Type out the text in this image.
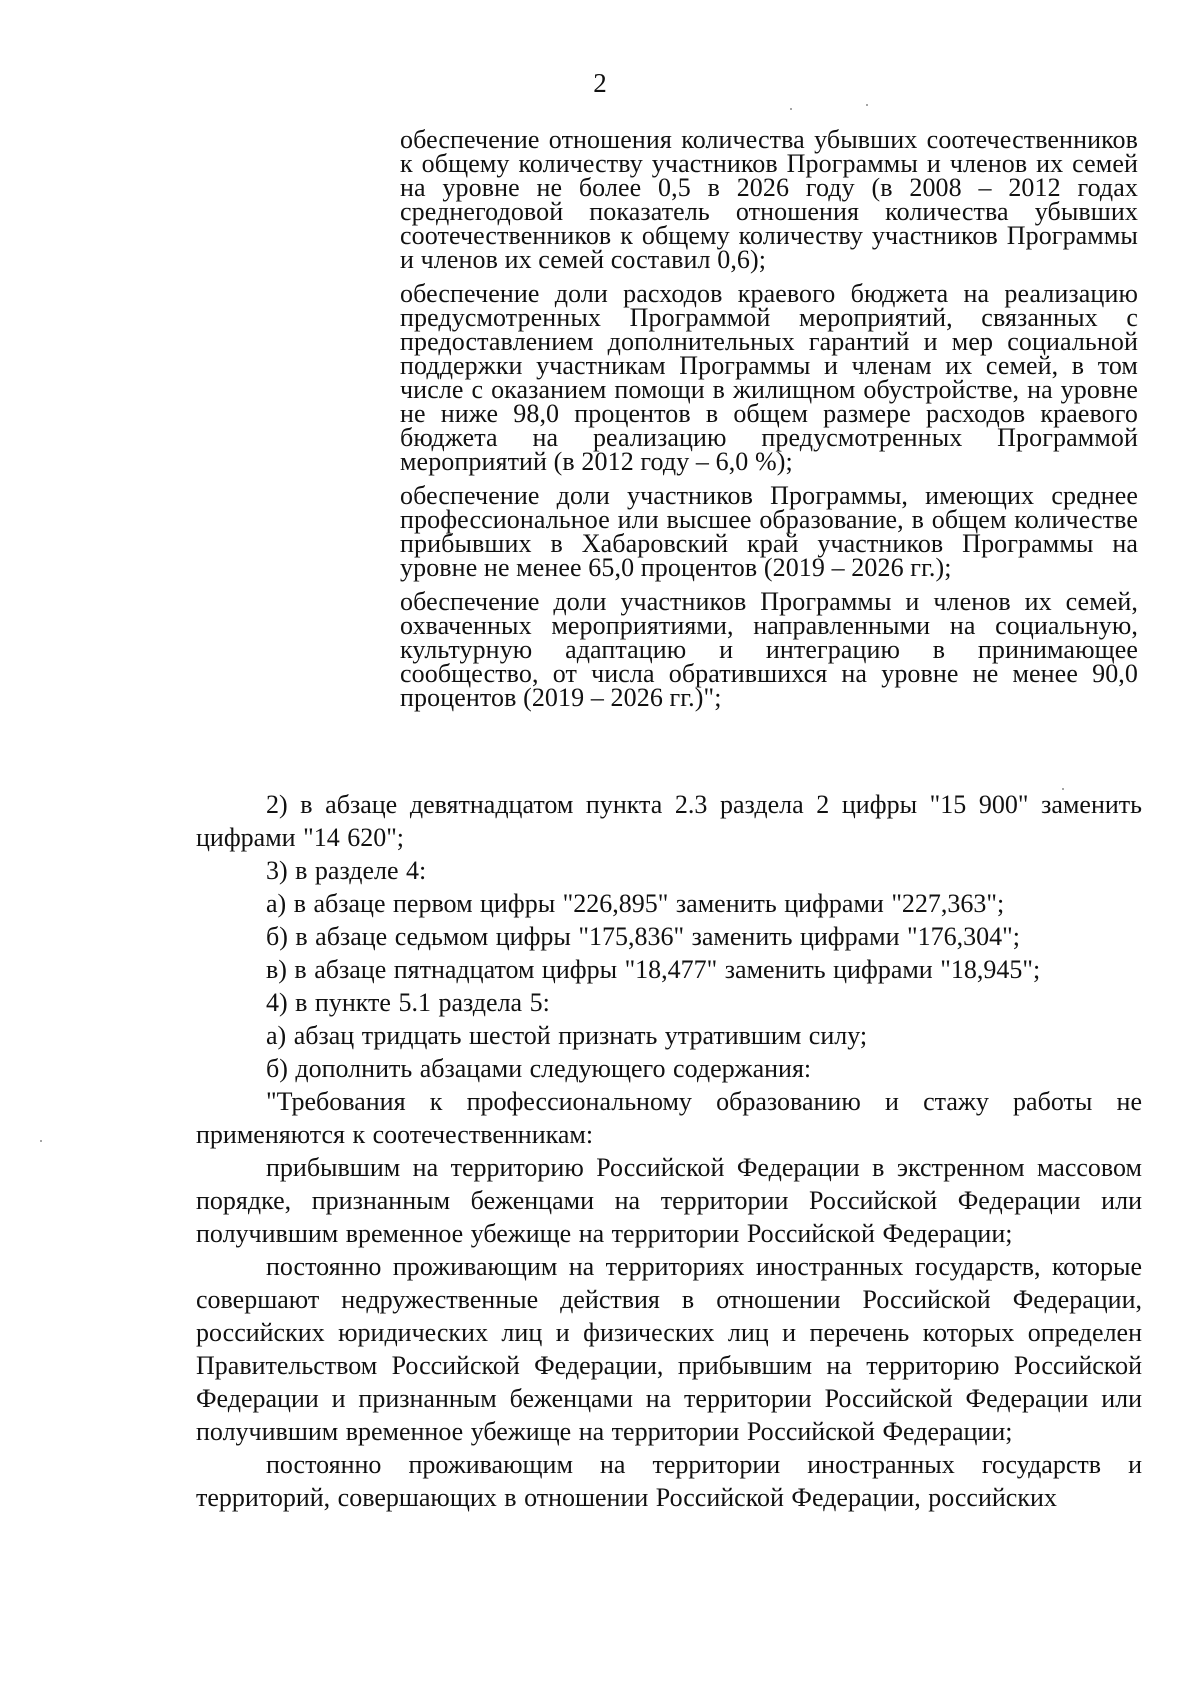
2

обеспечение отношения количества убывших соотечественников к общему количеству участников Программы и членов их семей на уровне не более 0,5 в 2026 году (в 2008 – 2012 годах среднегодовой показатель отношения количества убывших соотечественников к общему количеству участников Программы и членов их семей составил 0,6);

обеспечение доли расходов краевого бюджета на реализацию предусмотренных Программой мероприятий, связанных с предоставлением дополнительных гарантий и мер социальной поддержки участникам Программы и членам их семей, в том числе с оказанием помощи в жилищном обустройстве, на уровне не ниже 98,0 процентов в общем размере расходов краевого бюджета на реализацию предусмотренных Программой мероприятий (в 2012 году – 6,0 %);

обеспечение доли участников Программы, имеющих среднее профессиональное или высшее образование, в общем количестве прибывших в Хабаровский край участников Программы на уровне не менее 65,0 процентов (2019 – 2026 гг.);

обеспечение доли участников Программы и членов их семей, охваченных мероприятиями, направленными на социальную, культурную адаптацию и интеграцию в принимающее сообщество, от числа обратившихся на уровне не менее 90,0 процентов (2019 – 2026 гг.)";

2) в абзаце девятнадцатом пункта 2.3 раздела 2 цифры "15 900" заменить цифрами "14 620";

3) в разделе 4:

а) в абзаце первом цифры "226,895" заменить цифрами "227,363";

б) в абзаце седьмом цифры "175,836" заменить цифрами "176,304";

в) в абзаце пятнадцатом цифры "18,477" заменить цифрами "18,945";

4) в пункте 5.1 раздела 5:

а) абзац тридцать шестой признать утратившим силу;

б) дополнить абзацами следующего содержания:

"Требования к профессиональному образованию и стажу работы не применяются к соотечественникам:

прибывшим на территорию Российской Федерации в экстренном массовом порядке, признанным беженцами на территории Российской Федерации или получившим временное убежище на территории Российской Федерации;

постоянно проживающим на территориях иностранных государств, которые совершают недружественные действия в отношении Российской Федерации, российских юридических лиц и физических лиц и перечень которых определен Правительством Российской Федерации, прибывшим на территорию Российской Федерации и признанным беженцами на территории Российской Федерации или получившим временное убежище на территории Российской Федерации;

постоянно проживающим на территории иностранных государств и территорий, совершающих в отношении Российской Федерации, российских
